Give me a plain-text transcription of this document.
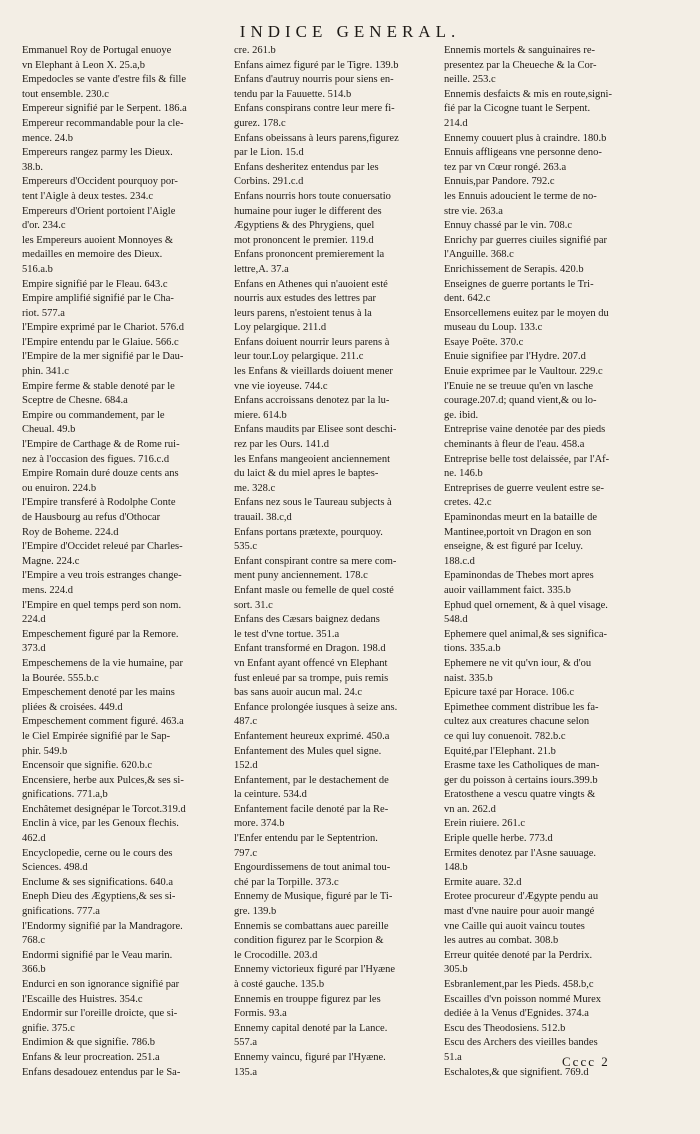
INDICE GENERAL.
Emmanuel Roy de Portugal enuoye
vn Elephant à Leon X. 25.a,b
Empedocles se vante d'estre fils & fille
tout ensemble. 230.c
Empereur signifié par le Serpent. 186.a
Empereur recommandable pour la cle-
mence. 24.b
Empereurs rangez parmy les Dieux.
38.b.
Empereurs d'Occident pourquoy por-
tent l'Aigle à deux testes. 234.c
Empereurs d'Orient portoient l'Aigle
d'or. 234.c
les Empereurs auoient Monnoyes &
medailles en memoire des Dieux.
516.a.b
Empire signifié par le Fleau. 643.c
Empire amplifié signifié par le Cha-
riot. 577.a
l'Empire exprimé par le Chariot. 576.d
l'Empire entendu par le Glaiue. 566.c
l'Empire de la mer signifié par le Dau-
phin. 341.c
Empire ferme & stable denoté par le
Sceptre de Chesne. 684.a
Empire ou commandement, par le
Cheual. 49.b
l'Empire de Carthage & de Rome rui-
nez à l'occasion des figues. 716.c.d
Empire Romain duré douze cents ans
ou enuiron. 224.b
l'Empire transferé à Rodolphe Conte
de Hausbourg au refus d'Othocar
Roy de Boheme. 224.d
l'Empire d'Occidet releué par Charles-
Magne. 224.c
l'Empire a veu trois estranges change-
mens. 224.d
l'Empire en quel temps perd son nom.
224.d
Empeschement figuré par la Remore.
373.d
Empeschemens de la vie humaine, par
la Bourée. 555.b.c
Empeschement denoté par les mains
pliées & croisées. 449.d
Empeschement comment figuré. 463.a
le Ciel Empirée signifié par le Sap-
phir. 549.b
Encensoir que signifie. 620.b.c
Encensiere, herbe aux Pulces,& ses si-
gnifications. 771.a,b
Enchâtemet designépar le Torcot.319.d
Enclin à vice, par les Genoux flechis.
462.d
Encyclopedie, cerne ou le cours des
Sciences. 498.d
Enclume & ses significations. 640.a
Eneph Dieu des Ægyptiens,& ses si-
gnifications. 777.a
l'Endormy signifié par la Mandragore.
768.c
Endormi signifié par le Veau marin.
366.b
Endurci en son ignorance signifié par
l'Escaille des Huistres. 354.c
Endormir sur l'oreille droicte, que si-
gnifie. 375.c
Endimion & que signifie. 786.b
Enfans & leur procreation. 251.a
Enfans desadouez entendus par le Sa-
cre. 261.b
Enfans aimez figuré par le Tigre. 139.b
Enfans d'autruy nourris pour siens en-
tendu par la Fauuette. 514.b
Enfans conspirans contre leur mere fi-
gurez. 178.c
Enfans obeissans à leurs parens,figurez
par le Lion. 15.d
Enfans desheritez entendus par les
Corbins. 291.c.d
Enfans nourris hors toute conuersatio
humaine pour iuger le different des
Ægyptiens & des Phrygiens, quel
mot prononcent le premier. 119.d
Enfans prononcent premierement la
lettre,A. 37.a
Enfans en Athenes qui n'auoient esté
nourris aux estudes des lettres par
leurs parens, n'estoient tenus à la
Loy pelargique. 211.d
Enfans doiuent nourrir leurs parens à
leur tour.Loy pelargique. 211.c
les Enfans & vieillards doiuent mener
vne vie ioyeuse. 744.c
Enfans accroissans denotez par la lu-
miere. 614.b
Enfans maudits par Elisee sont deschi-
rez par les Ours. 141.d
les Enfans mangeoient anciennement
du laict & du miel apres le baptes-
me. 328.c
Enfans nez sous le Taureau subjects à
trauail. 38.c,d
Enfans portans prætexte, pourquoy.
535.c
Enfant conspirant contre sa mere com-
ment puny anciennement. 178.c
Enfant masle ou femelle de quel costé
sort. 31.c
Enfans des Cæsars baignez dedans
le test d'vne tortue. 351.a
Enfant transformé en Dragon. 198.d
vn Enfant ayant offencé vn Elephant
fust enleué par sa trompe, puis remis
bas sans auoir aucun mal. 24.c
Enfance prolongée iusques à seize ans.
487.c
Enfantement heureux exprimé. 450.a
Enfantement des Mules quel signe.
152.d
Enfantement, par le destachement de
la ceinture. 534.d
Enfantement facile denoté par la Re-
more. 374.b
l'Enfer entendu par le Septentrion.
797.c
Engourdissemens de tout animal tou-
ché par la Torpille. 373.c
Ennemy de Musique, figuré par le Ti-
gre. 139.b
Ennemis se combattans auec pareille
condition figurez par le Scorpion &
le Crocodille. 203.d
Ennemy victorieux figuré par l'Hyæne
à costé gauche. 135.b
Ennemis en trouppe figurez par les
Formis. 93.a
Ennemy capital denoté par la Lance.
557.a
Ennemy vaincu, figuré par l'Hyæne.
135.a
Ennemis mortels & sanguinaires re-
presentez par la Cheueche & la Cor-
neille. 253.c
Ennemis desfaicts & mis en route,signi-
fié par la Cicogne tuant le Serpent.
214.d
Ennemy couuert plus à craindre. 180.b
Ennuis affligeans vne personne deno-
tez par vn Cœur rongé. 263.a
Ennuis,par Pandore. 792.c
les Ennuis adoucient le terme de no-
stre vie. 263.a
Ennuy chassé par le vin. 708.c
Enrichy par guerres ciuiles signifié par
l'Anguille. 368.c
Enrichissement de Serapis. 420.b
Enseignes de guerre portants le Tri-
dent. 642.c
Ensorcellemens euitez par le moyen du
museau du Loup. 133.c
Esaye Poëte. 370.c
Enuie signifiee par l'Hydre. 207.d
Enuie exprimee par le Vaultour. 229.c
l'Enuie ne se treuue qu'en vn lasche
courage.207.d; quand vient,& ou lo-
ge. ibid.
Entreprise vaine denotée par des pieds
cheminants à fleur de l'eau. 458.a
Entreprise belle tost delaissée, par l'Af-
ne. 146.b
Entreprises de guerre veulent estre se-
cretes. 42.c
Epaminondas meurt en la bataille de
Mantinee,portoit vn Dragon en son
enseigne, & est figuré par Iceluy.
188.c.d
Epaminondas de Thebes mort apres
auoir vaillamment faict. 335.b
Ephud quel ornement, & à quel visage.
548.d
Ephemere quel animal,& ses significa-
tions. 335.a.b
Ephemere ne vit qu'vn iour, & d'ou
naist. 335.b
Epicure taxé par Horace. 106.c
Epimethee comment distribue les fa-
cultez aux creatures chacune selon
ce qui luy conuenoit. 782.b.c
Equité,par l'Elephant. 21.b
Erasme taxe les Catholiques de man-
ger du poisson à certains iours.399.b
Eratosthene a vescu quatre vingts &
vn an. 262.d
Erein riuiere. 261.c
Eriple quelle herbe. 773.d
Ermites denotez par l'Asne sauuage.
148.b
Ermite auare. 32.d
Erotee procureur d'Ægypte pendu au
mast d'vne nauire pour auoir mangé
vne Caille qui auoit vaincu toutes
les autres au combat. 308.b
Erreur quitée denoté par la Perdrix.
305.b
Esbranlement,par les Pieds. 458.b,c
Escailles d'vn poisson nommé Murex
dediée à la Venus d'Egnides. 374.a
Escu des Theodosiens. 512.b
Escu des Archers des vieilles bandes
51.a
Eschalotes,& que signifient. 769.d
Cccc 2
